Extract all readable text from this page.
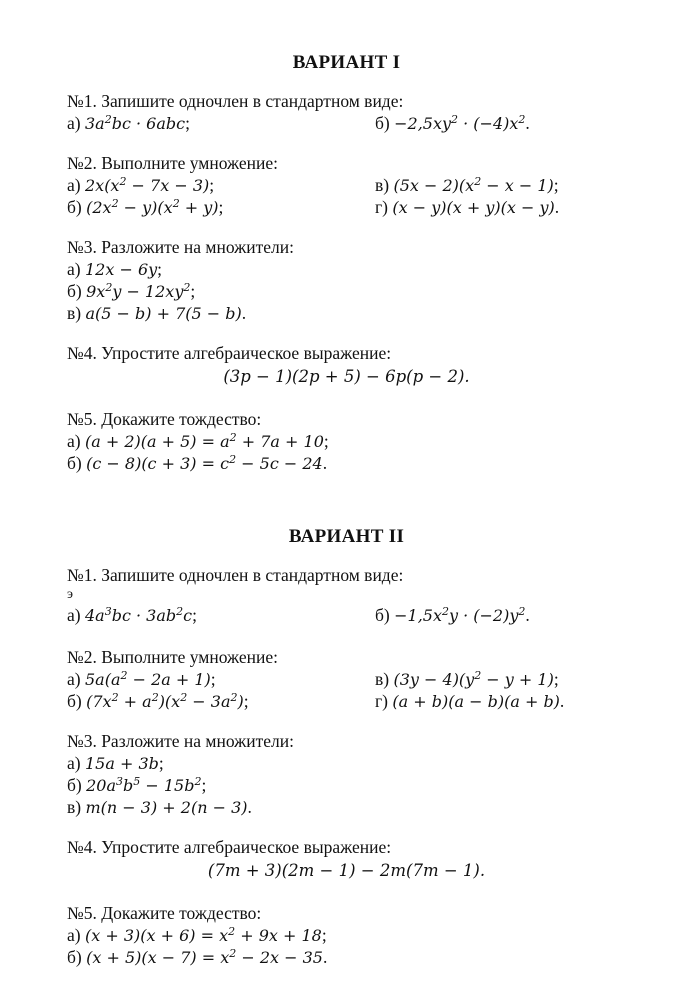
ВАРИАНТ I
№1. Запишите одночлен в стандартном виде:
а) $3a^2bc \cdot 6abc$;	$б) -2,5xy^2 \cdot (-4)x^2$.
№2. Выполните умножение:
а) $2x(x^2 - 7x - 3)$;	в) $(5x - 2)(x^2 - x - 1)$;
б) $(2x^2 - y)(x^2 + y)$;	г) (x − y)(x + y)(x − y).
№3. Разложите на множители:
а) 12x − 6y;
б) $9x^2y - 12xy^2$;
в) a(5 − b) + 7(5 − b).
№4. Упростите алгебраическое выражение:
(3p − 1)(2p + 5) − 6p(p − 2).
№5. Докажите тождество:
а) $(a + 2)(a + 5) = a^2 + 7a + 10$;
б) $(c - 8)(c + 3) = c^2 - 5c - 24$.
ВАРИАНТ II
№1. Запишите одночлен в стандартном виде:
э
а) $4a^3bc \cdot 3ab^2c$;	$б) -1,5x^2y \cdot (-2)y^2$.
№2. Выполните умножение:
а) $5a(a^2 - 2a + 1)$;	в) $(3y - 4)(y^2 - y + 1)$;
б) $(7x^2 + a^2)(x^2 - 3a^2)$;	г) (a + b)(a − b)(a + b).
№3. Разложите на множители:
а) 15a + 3b;
б) $20a^3b^5 - 15b^2$;
в) m(n − 3) + 2(n − 3).
№4. Упростите алгебраическое выражение:
(7m + 3)(2m − 1) − 2m(7m − 1).
№5. Докажите тождество:
а) $(x + 3)(x + 6) = x^2 + 9x + 18$;
б) $(x + 5)(x - 7) = x^2 - 2x - 35$.
